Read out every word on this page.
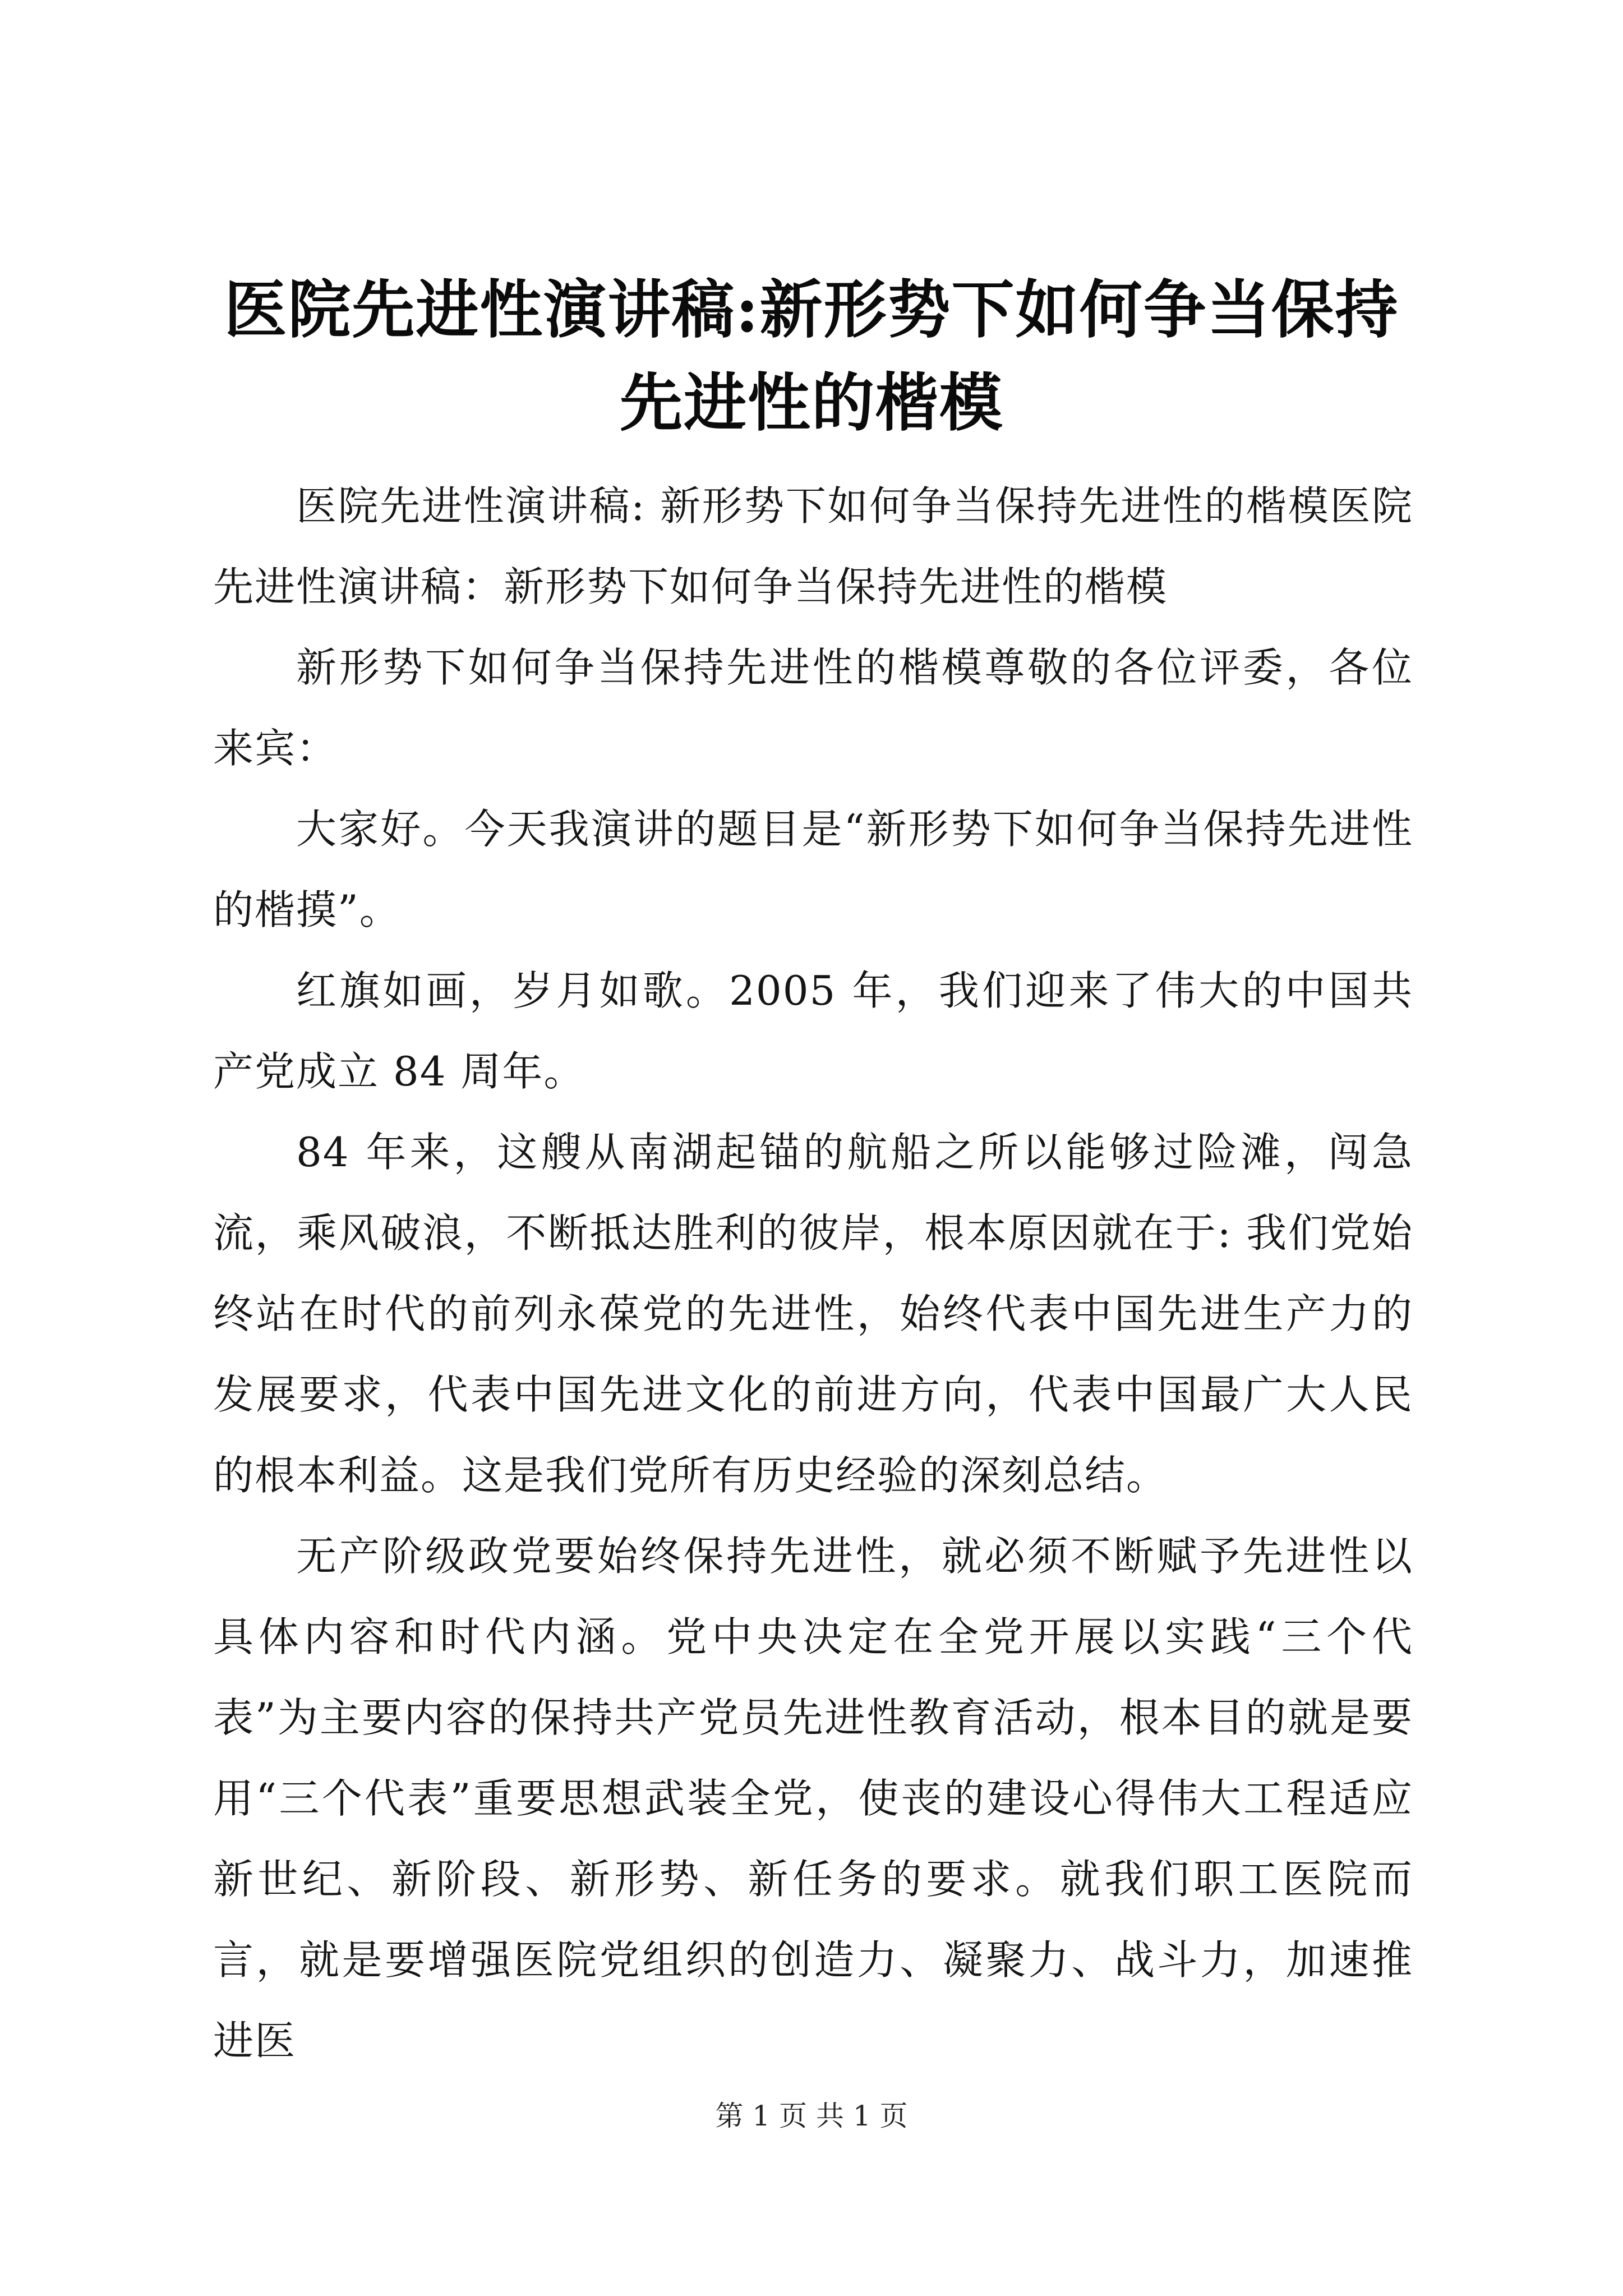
医院先进性演讲稿:新形势下如何争当保持先进性的楷模

医院先进性演讲稿: 新形势下如何争当保持先进性的楷模医院先进性演讲稿：新形势下如何争当保持先进性的楷模

新形势下如何争当保持先进性的楷模尊敬的各位评委，各位来宾：

大家好。今天我演讲的题目是“新形势下如何争当保持先进性的楷摸”。

红旗如画，岁月如歌。2005 年，我们迎来了伟大的中国共产党成立 84 周年。

84 年来，这艘从南湖起锚的航船之所以能够过险滩，闯急流，乘风破浪，不断抵达胜利的彼岸，根本原因就在于: 我们党始终站在时代的前列永葆党的先进性，始终代表中国先进生产力的发展要求，代表中国先进文化的前进方向，代表中国最广大人民的根本利益。这是我们党所有历史经验的深刻总结。

无产阶级政党要始终保持先进性，就必须不断赋予先进性以具体内容和时代内涵。党中央决定在全党开展以实践“三个代表”为主要内容的保持共产党员先进性教育活动，根本目的就是要用“三个代表”重要思想武装全党，使丧的建设心得伟大工程适应新世纪、新阶段、新形势、新任务的要求。就我们职工医院而言，就是要增强医院党组织的创造力、凝聚力、战斗力，加速推进医

第 1 页 共 1 页
